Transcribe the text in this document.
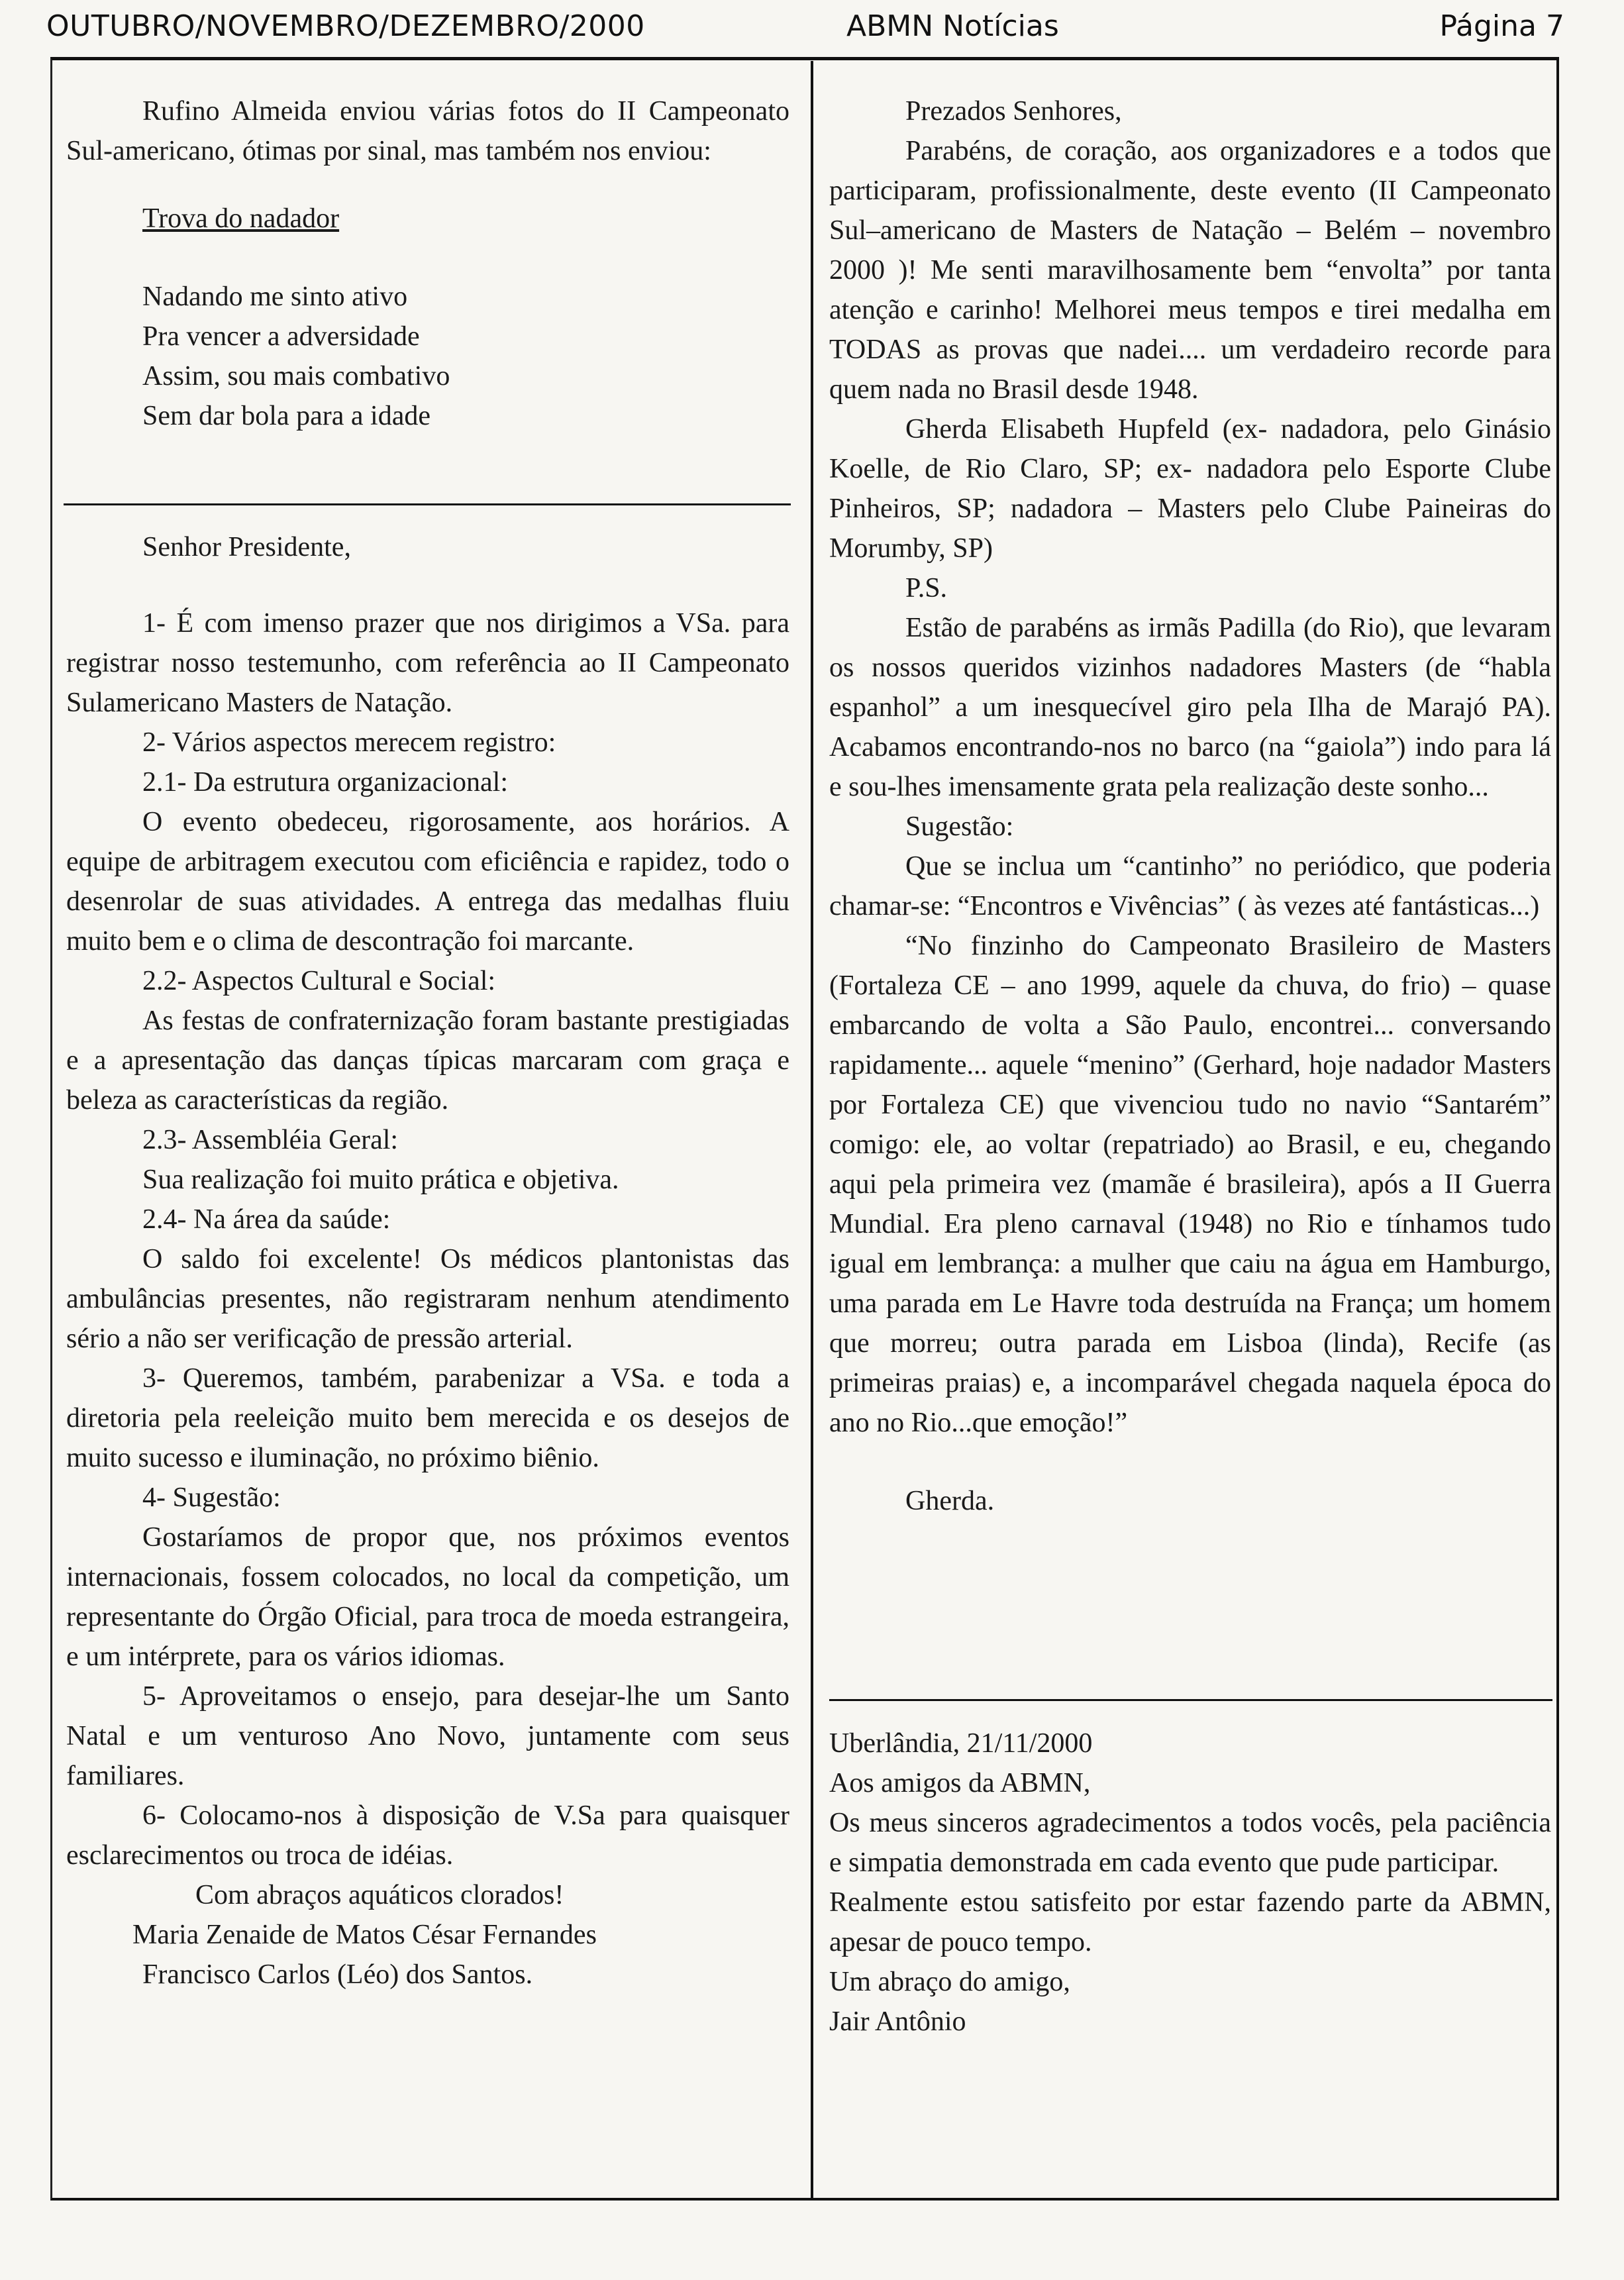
OUTUBRO/NOVEMBRO/DEZEMBRO/2000	ABMN Notícias	Página 7

Rufino Almeida enviou várias fotos do II Campeonato Sul-americano, ótimas por sinal, mas também nos enviou:

Trova do nadador

Nadando me sinto ativo

Pra vencer a adversidade

Assim, sou mais combativo

Sem dar bola para a idade

Senhor Presidente,

1- É com imenso prazer que nos dirigimos a VSa. para registrar nosso testemunho, com referência ao II Campeonato Sulamericano Masters de Natação.

2- Vários aspectos merecem registro:

2.1- Da estrutura organizacional:

O evento obedeceu, rigorosamente, aos horários. A equipe de arbitragem executou com eficiência e rapidez, todo o desenrolar de suas atividades. A entrega das medalhas fluiu muito bem e o clima de descontração foi marcante.

2.2- Aspectos Cultural e Social:

As festas de confraternização foram bastante prestigiadas e a apresentação das danças típicas marcaram com graça e beleza as características da região.

2.3- Assembléia Geral:

Sua realização foi muito prática e objetiva.

2.4- Na área da saúde:

O saldo foi excelente! Os médicos plantonistas das ambulâncias presentes, não registraram nenhum atendimento sério a não ser verificação de pressão arterial.

3- Queremos, também, parabenizar a VSa. e toda a diretoria pela reeleição muito bem merecida e os desejos de muito sucesso e iluminação, no próximo biênio.

4- Sugestão:

Gostaríamos de propor que, nos próximos eventos internacionais, fossem colocados, no local da competição, um representante do Órgão Oficial, para troca de moeda estrangeira, e um intérprete, para os vários idiomas.

5- Aproveitamos o ensejo, para desejar-lhe um Santo Natal e um venturoso Ano Novo, juntamente com seus familiares.

6- Colocamo-nos à disposição de V.Sa para quaisquer esclarecimentos ou troca de idéias.

Com abraços aquáticos clorados!

Maria Zenaide de Matos César Fernandes

Francisco Carlos (Léo) dos Santos.

Prezados Senhores,

Parabéns, de coração, aos organizadores e a todos que participaram, profissionalmente, deste evento (II Campeonato Sul–americano de Masters de Natação – Belém – novembro 2000 )! Me senti maravilhosamente bem “envolta” por tanta atenção e carinho! Melhorei meus tempos e tirei medalha em TODAS as provas que nadei.... um verdadeiro recorde para quem nada no Brasil desde 1948.

Gherda Elisabeth Hupfeld (ex- nadadora, pelo Ginásio Koelle, de Rio Claro, SP; ex- nadadora pelo Esporte Clube Pinheiros, SP; nadadora – Masters pelo Clube Paineiras do Morumby, SP)

P.S.

Estão de parabéns as irmãs Padilla (do Rio), que levaram os nossos queridos vizinhos nadadores Masters (de “habla espanhol” a um inesquecível giro pela Ilha de Marajó PA). Acabamos encontrando-nos no barco (na “gaiola”) indo para lá e sou-lhes imensamente grata pela realização deste sonho...

Sugestão:

Que se inclua um “cantinho” no periódico, que poderia chamar-se: “Encontros e Vivências” ( às vezes até fantásticas...)

“No finzinho do Campeonato Brasileiro de Masters (Fortaleza CE – ano 1999, aquele da chuva, do frio) – quase embarcando de volta a São Paulo, encontrei... conversando rapidamente... aquele “menino” (Gerhard, hoje nadador Masters por Fortaleza CE) que vivenciou tudo no navio “Santarém” comigo: ele, ao voltar (repatriado) ao Brasil, e eu, chegando aqui pela primeira vez (mamãe é brasileira), após a II Guerra Mundial. Era pleno carnaval (1948) no Rio e tínhamos tudo igual em lembrança: a mulher que caiu na água em Hamburgo, uma parada em Le Havre toda destruída na França; um homem que morreu; outra parada em Lisboa (linda), Recife (as primeiras praias) e, a incomparável chegada naquela época do ano no Rio...que emoção!”

Gherda.

Uberlândia, 21/11/2000

Aos amigos da ABMN,

Os meus sinceros agradecimentos a todos vocês, pela paciência e simpatia demonstrada em cada evento que pude participar.

Realmente estou satisfeito por estar fazendo parte da ABMN, apesar de pouco tempo.

Um abraço do amigo,

Jair Antônio
